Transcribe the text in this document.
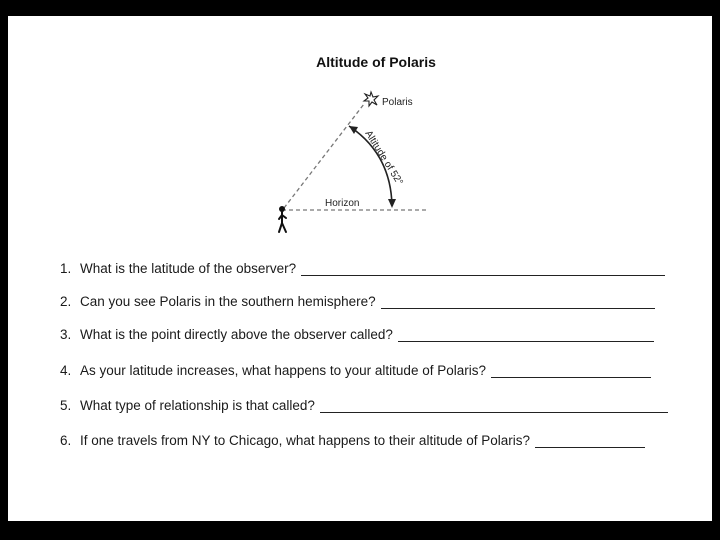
Altitude of Polaris
Polaris
Altitude of 52°
Horizon
1. What is the latitude of the observer?
2. Can you see Polaris in the southern hemisphere?
3. What is the point directly above the observer called?
4. As your latitude increases, what happens to your altitude of Polaris?
5. What type of relationship is that called?
6. If one travels from NY to Chicago, what happens to their altitude of Polaris?
